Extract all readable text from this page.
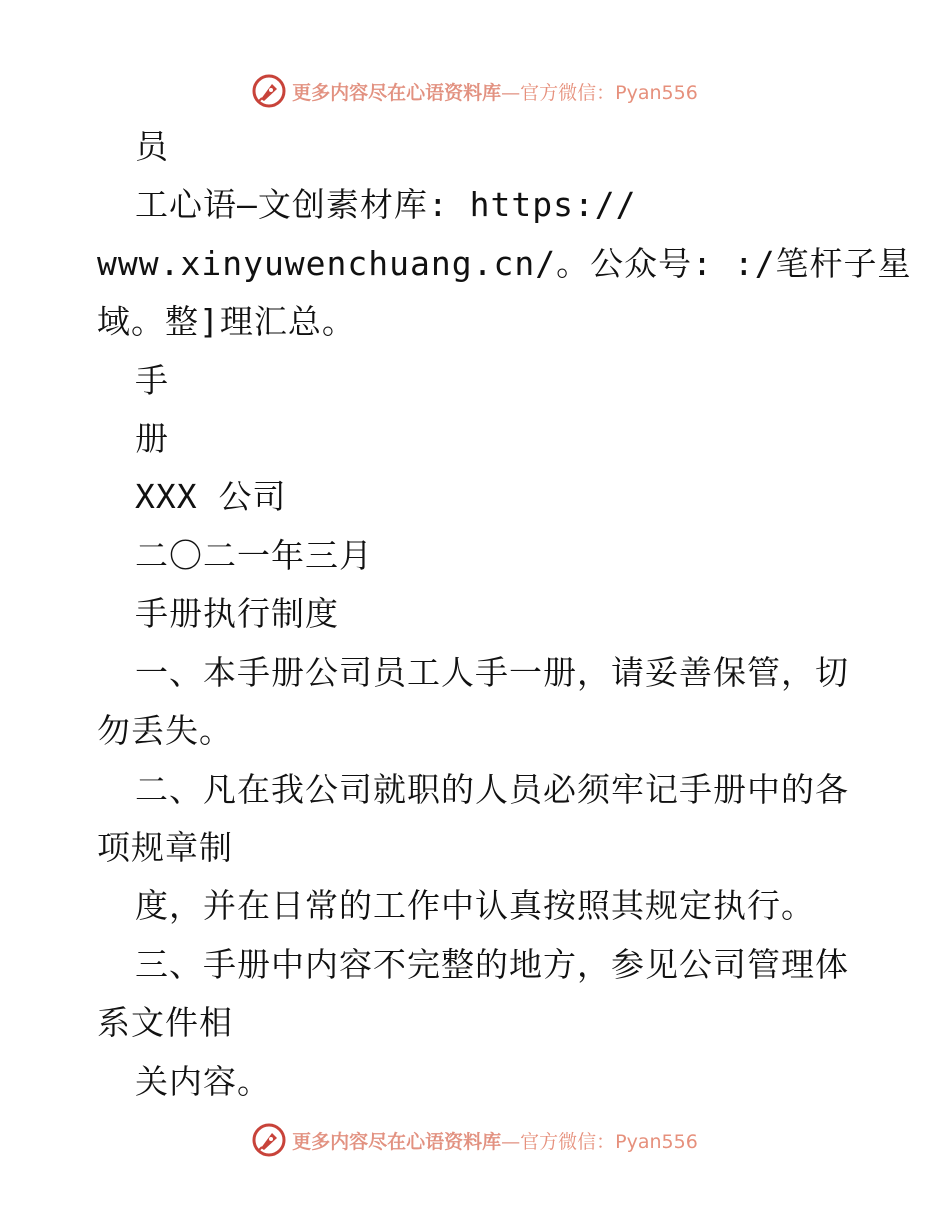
更多内容尽在心语资料库—官方微信：Pyan556
员
工心语—文创素材库: https://
www.xinyuwenchuang.cn/。公众号: :/笔杆子星
域。整]理汇总。
手
册
XXX 公司
二〇二一年三月
手册执行制度
一、本手册公司员工人手一册，请妥善保管，切
勿丢失。
二、凡在我公司就职的人员必须牢记手册中的各
项规章制
度，并在日常的工作中认真按照其规定执行。
三、手册中内容不完整的地方，参见公司管理体
系文件相
关内容。
更多内容尽在心语资料库—官方微信：Pyan556
